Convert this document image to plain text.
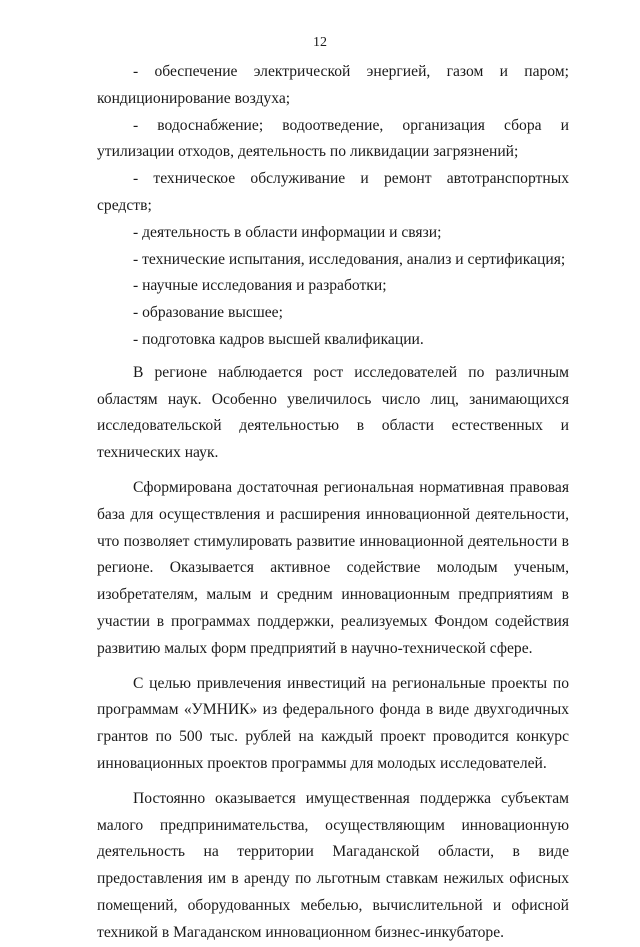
12

- обеспечение электрической энергией, газом и паром; кондиционирование воздуха;

- водоснабжение; водоотведение, организация сбора и утилизации отходов, деятельность по ликвидации загрязнений;

- техническое обслуживание и ремонт автотранспортных средств;

- деятельность в области информации и связи;

- технические испытания, исследования, анализ и сертификация;

- научные исследования и разработки;

- образование высшее;

- подготовка кадров высшей квалификации.

В регионе наблюдается рост исследователей по различным областям наук. Особенно увеличилось число лиц, занимающихся исследовательской деятельностью в области естественных и технических наук.

Сформирована достаточная региональная нормативная правовая база для осуществления и расширения инновационной деятельности, что позволяет стимулировать развитие инновационной деятельности в регионе. Оказывается активное содействие молодым ученым, изобретателям, малым и средним инновационным предприятиям в участии в программах поддержки, реализуемых Фондом содействия развитию малых форм предприятий в научно-технической сфере.

С целью привлечения инвестиций на региональные проекты по программам «УМНИК» из федерального фонда в виде двухгодичных грантов по 500 тыс. рублей на каждый проект проводится конкурс инновационных проектов программы для молодых исследователей.

Постоянно оказывается имущественная поддержка субъектам малого предпринимательства, осуществляющим инновационную деятельность на территории Магаданской области, в виде предоставления им в аренду по льготным ставкам нежилых офисных помещений, оборудованных мебелью, вычислительной и офисной техникой в Магаданском инновационном бизнес-инкубаторе.
